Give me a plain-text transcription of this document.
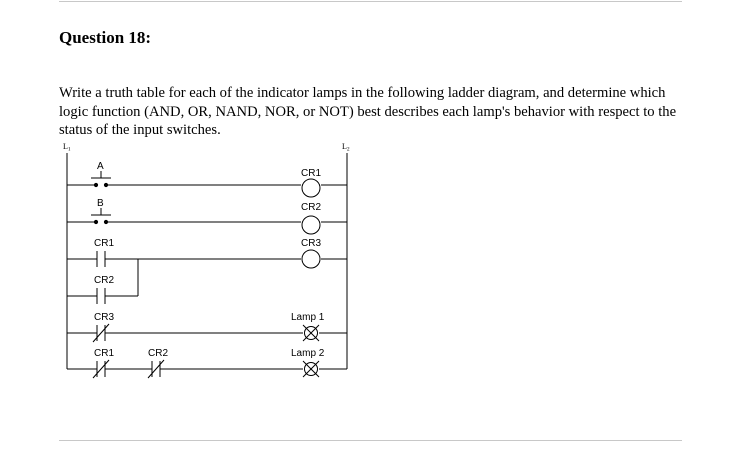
Question 18:

Write a truth table for each of the indicator lamps in the following ladder diagram, and determine which logic function (AND, OR, NAND, NOR, or NOT) best describes each lamp's behavior with respect to the status of the input switches.

L1	L2
A
B
CR1
CR2
CR3
CR1	CR2
CR1
CR2
CR3
Lamp 1
Lamp 2
